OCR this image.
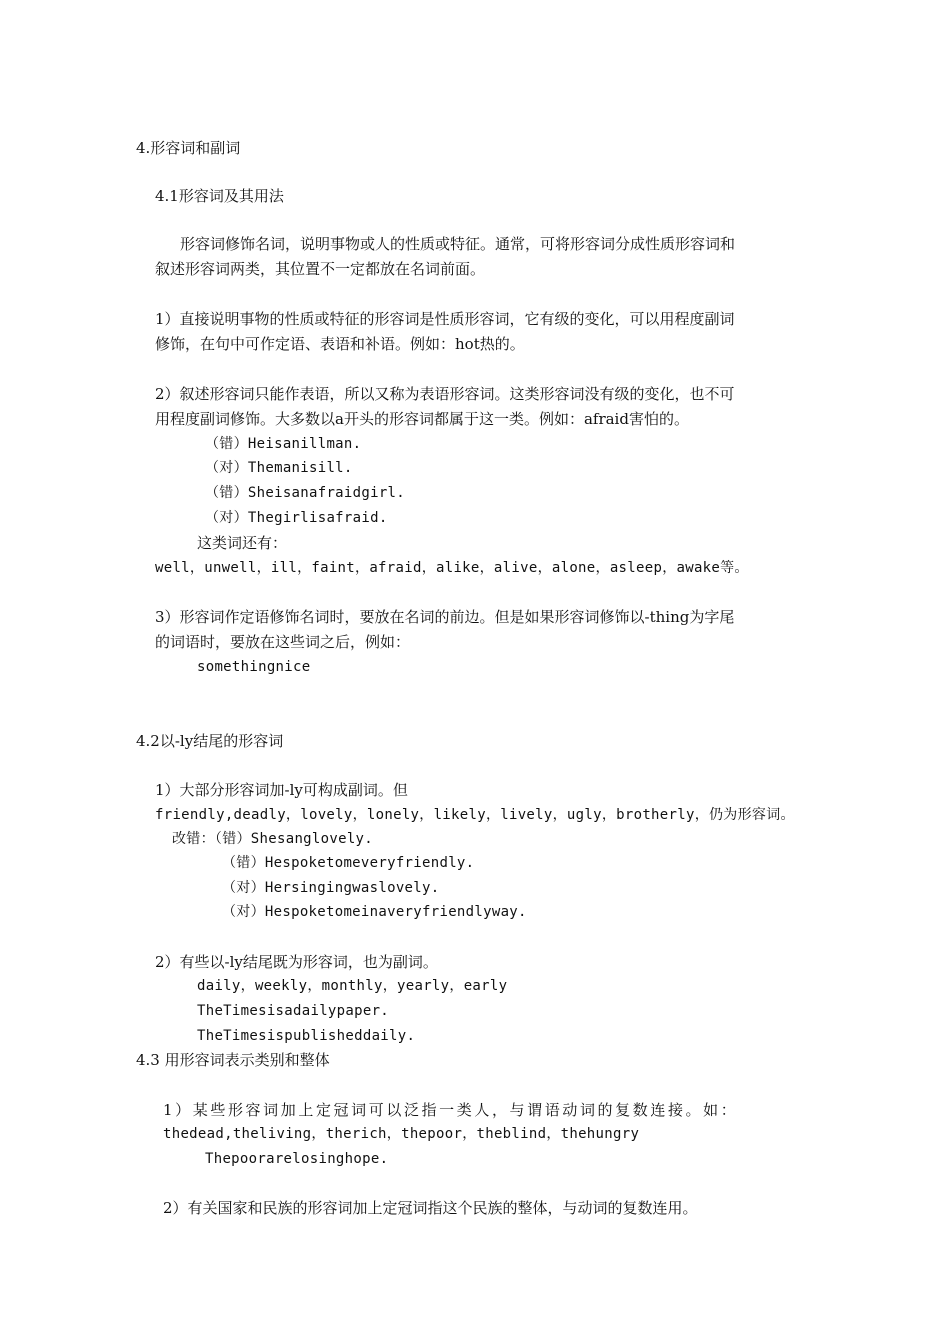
4.形容词和副词
4.1形容词及其用法
形容词修饰名词，说明事物或人的性质或特征。通常，可将形容词分成性质形容词和
叙述形容词两类，其位置不一定都放在名词前面。
1）直接说明事物的性质或特征的形容词是性质形容词，它有级的变化，可以用程度副词
修饰，在句中可作定语、表语和补语。例如：hot热的。
2）叙述形容词只能作表语，所以又称为表语形容词。这类形容词没有级的变化，也不可
用程度副词修饰。大多数以a开头的形容词都属于这一类。例如：afraid害怕的。
（错）Heisanillman.
（对）Themanisill.
（错）Sheisanafraidgirl.
（对）Thegirlisafraid.
这类词还有：
well，unwell，ill，faint，afraid，alike，alive，alone，asleep，awake等。
3）形容词作定语修饰名词时，要放在名词的前边。但是如果形容词修饰以-thing为字尾
的词语时，要放在这些词之后，例如：
somethingnice
4.2以-ly结尾的形容词
1）大部分形容词加-ly可构成副词。但
friendly,deadly，lovely，lonely，likely，lively，ugly，brotherly，仍为形容词。
改错：（错）Shesanglovely.
（错）Hespoketomeveryfriendly.
（对）Hersingingwaslovely.
（对）Hespoketomeinaveryfriendlyway.
2）有些以-ly结尾既为形容词，也为副词。
daily，weekly，monthly，yearly，early
TheTimesisadailypaper.
TheTimesispublisheddaily.
4.3 用形容词表示类别和整体
1）某些形容词加上定冠词可以泛指一类人，与谓语动词的复数连接。如：
thedead,theliving，therich，thepoor，theblind，thehungry
Thepoorarelosinghope.
2）有关国家和民族的形容词加上定冠词指这个民族的整体，与动词的复数连用。
